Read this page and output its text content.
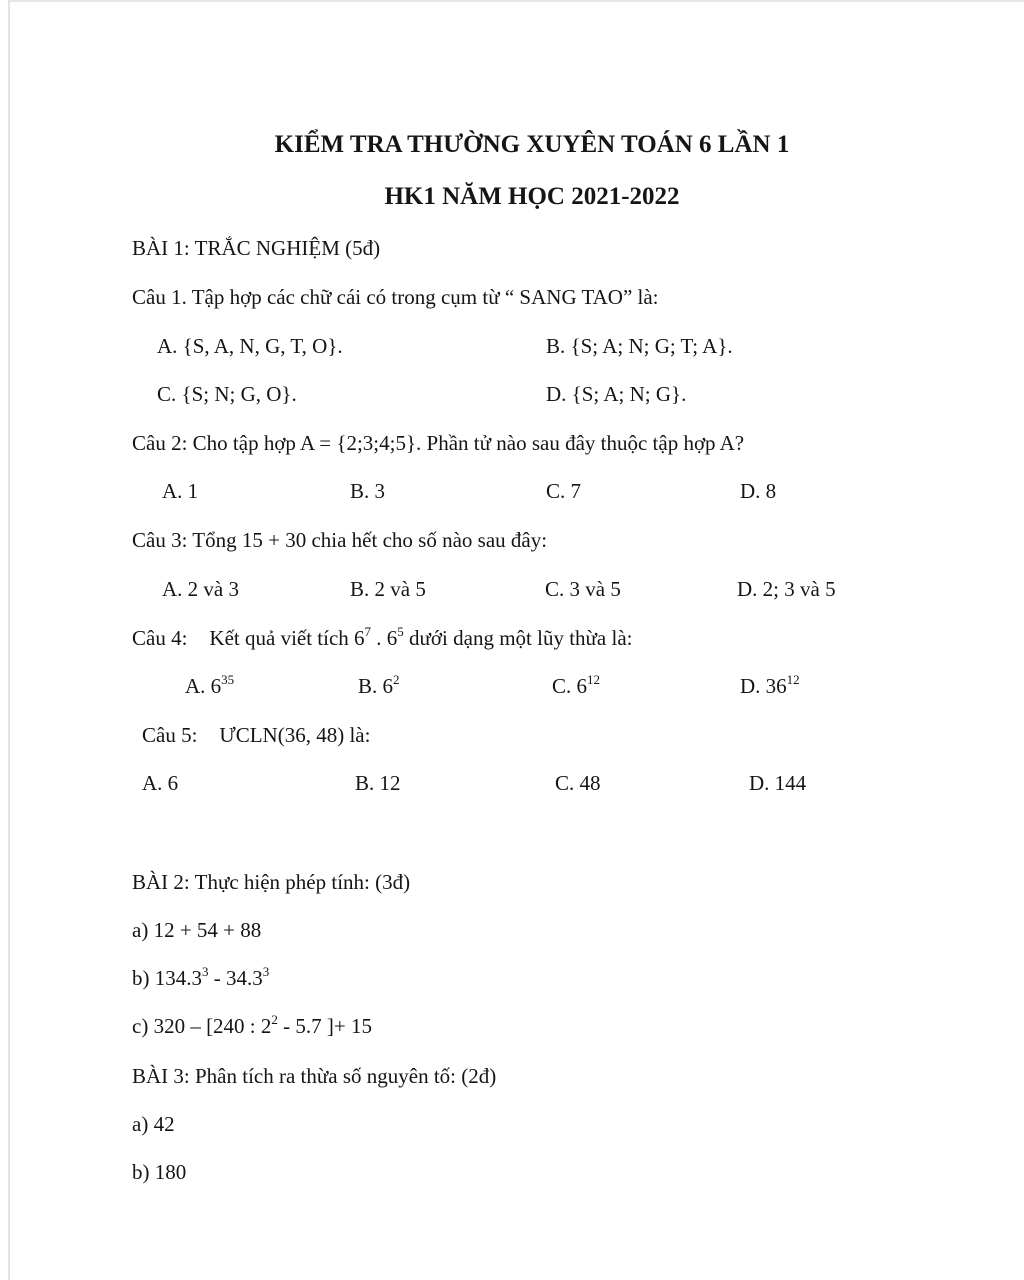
KIỂM TRA THƯỜNG XUYÊN TOÁN 6 LẦN 1
HK1 NĂM HỌC 2021-2022
BÀI 1: TRẮC NGHIỆM (5đ)
Câu 1. Tập hợp các chữ cái có trong cụm từ “ SANG TAO” là:
A. {S, A, N, G, T, O}.	B. {S; A; N; G; T; A}.
C. {S; N; G, O}.	D. {S; A; N; G}.
Câu 2: Cho tập hợp A = {2;3;4;5}. Phần tử nào sau đây thuộc tập hợp A?
A. 1	B. 3	C. 7	D. 8
Câu 3: Tổng 15 + 30 chia hết cho số nào sau đây:
A. 2 và 3	B. 2 và 5	C. 3 và 5	D. 2; 3 và 5
Câu 4: Kết quả viết tích $6^7$ . $6^5$ dưới dạng một lũy thừa là:
A. $6^{35}$	B. $6^2$	C. $6^{12}$	D. $36^{12}$
Câu 5: ƯCLN(36, 48) là:
A. 6	B. 12	C. 48	D. 144
BÀI 2: Thực hiện phép tính: (3đ)
a) 12 + 54 + 88
b) 134.3$^3$ - 34.3$^3$
c) 320 – [240 : $2^2 - 5.7$ ]+ 15
BÀI 3: Phân tích ra thừa số nguyên tố: (2đ)
a) 42
b) 180
